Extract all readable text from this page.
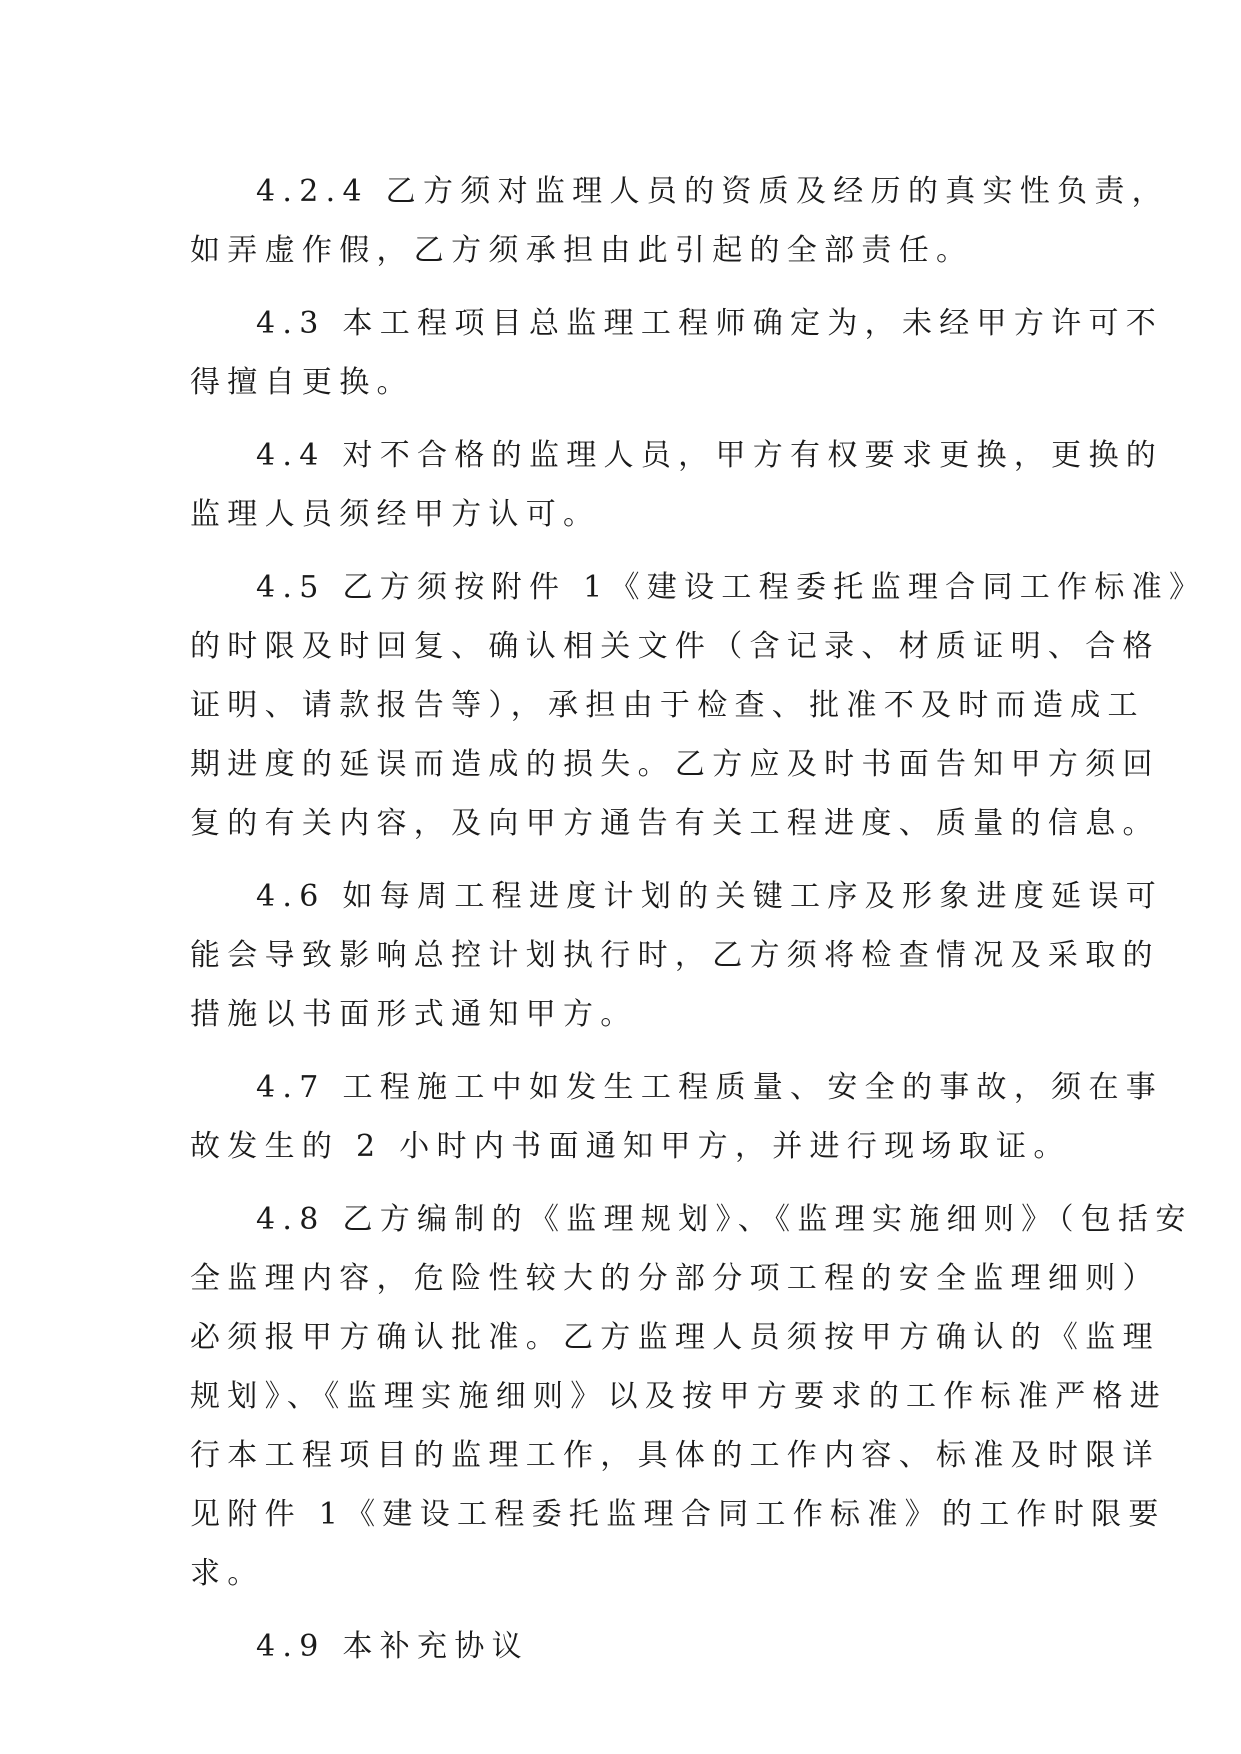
4.2.4 乙方须对监理人员的资质及经历的真实性负责，
如弄虚作假，乙方须承担由此引起的全部责任。

4.3 本工程项目总监理工程师确定为，未经甲方许可不
得擅自更换。

4.4 对不合格的监理人员，甲方有权要求更换，更换的
监理人员须经甲方认可。

4.5 乙方须按附件 1《建设工程委托监理合同工作标准》
的时限及时回复、确认相关文件（含记录、材质证明、合格
证明、请款报告等），承担由于检查、批准不及时而造成工
期进度的延误而造成的损失。乙方应及时书面告知甲方须回
复的有关内容，及向甲方通告有关工程进度、质量的信息。

4.6 如每周工程进度计划的关键工序及形象进度延误可
能会导致影响总控计划执行时，乙方须将检查情况及采取的
措施以书面形式通知甲方。

4.7 工程施工中如发生工程质量、安全的事故，须在事
故发生的 2 小时内书面通知甲方，并进行现场取证。

4.8 乙方编制的《监理规划》、《监理实施细则》（包括安
全监理内容，危险性较大的分部分项工程的安全监理细则）
必须报甲方确认批准。乙方监理人员须按甲方确认的《监理
规划》、《监理实施细则》以及按甲方要求的工作标准严格进
行本工程项目的监理工作，具体的工作内容、标准及时限详
见附件 1《建设工程委托监理合同工作标准》的工作时限要
求。

4.9 本补充协议
